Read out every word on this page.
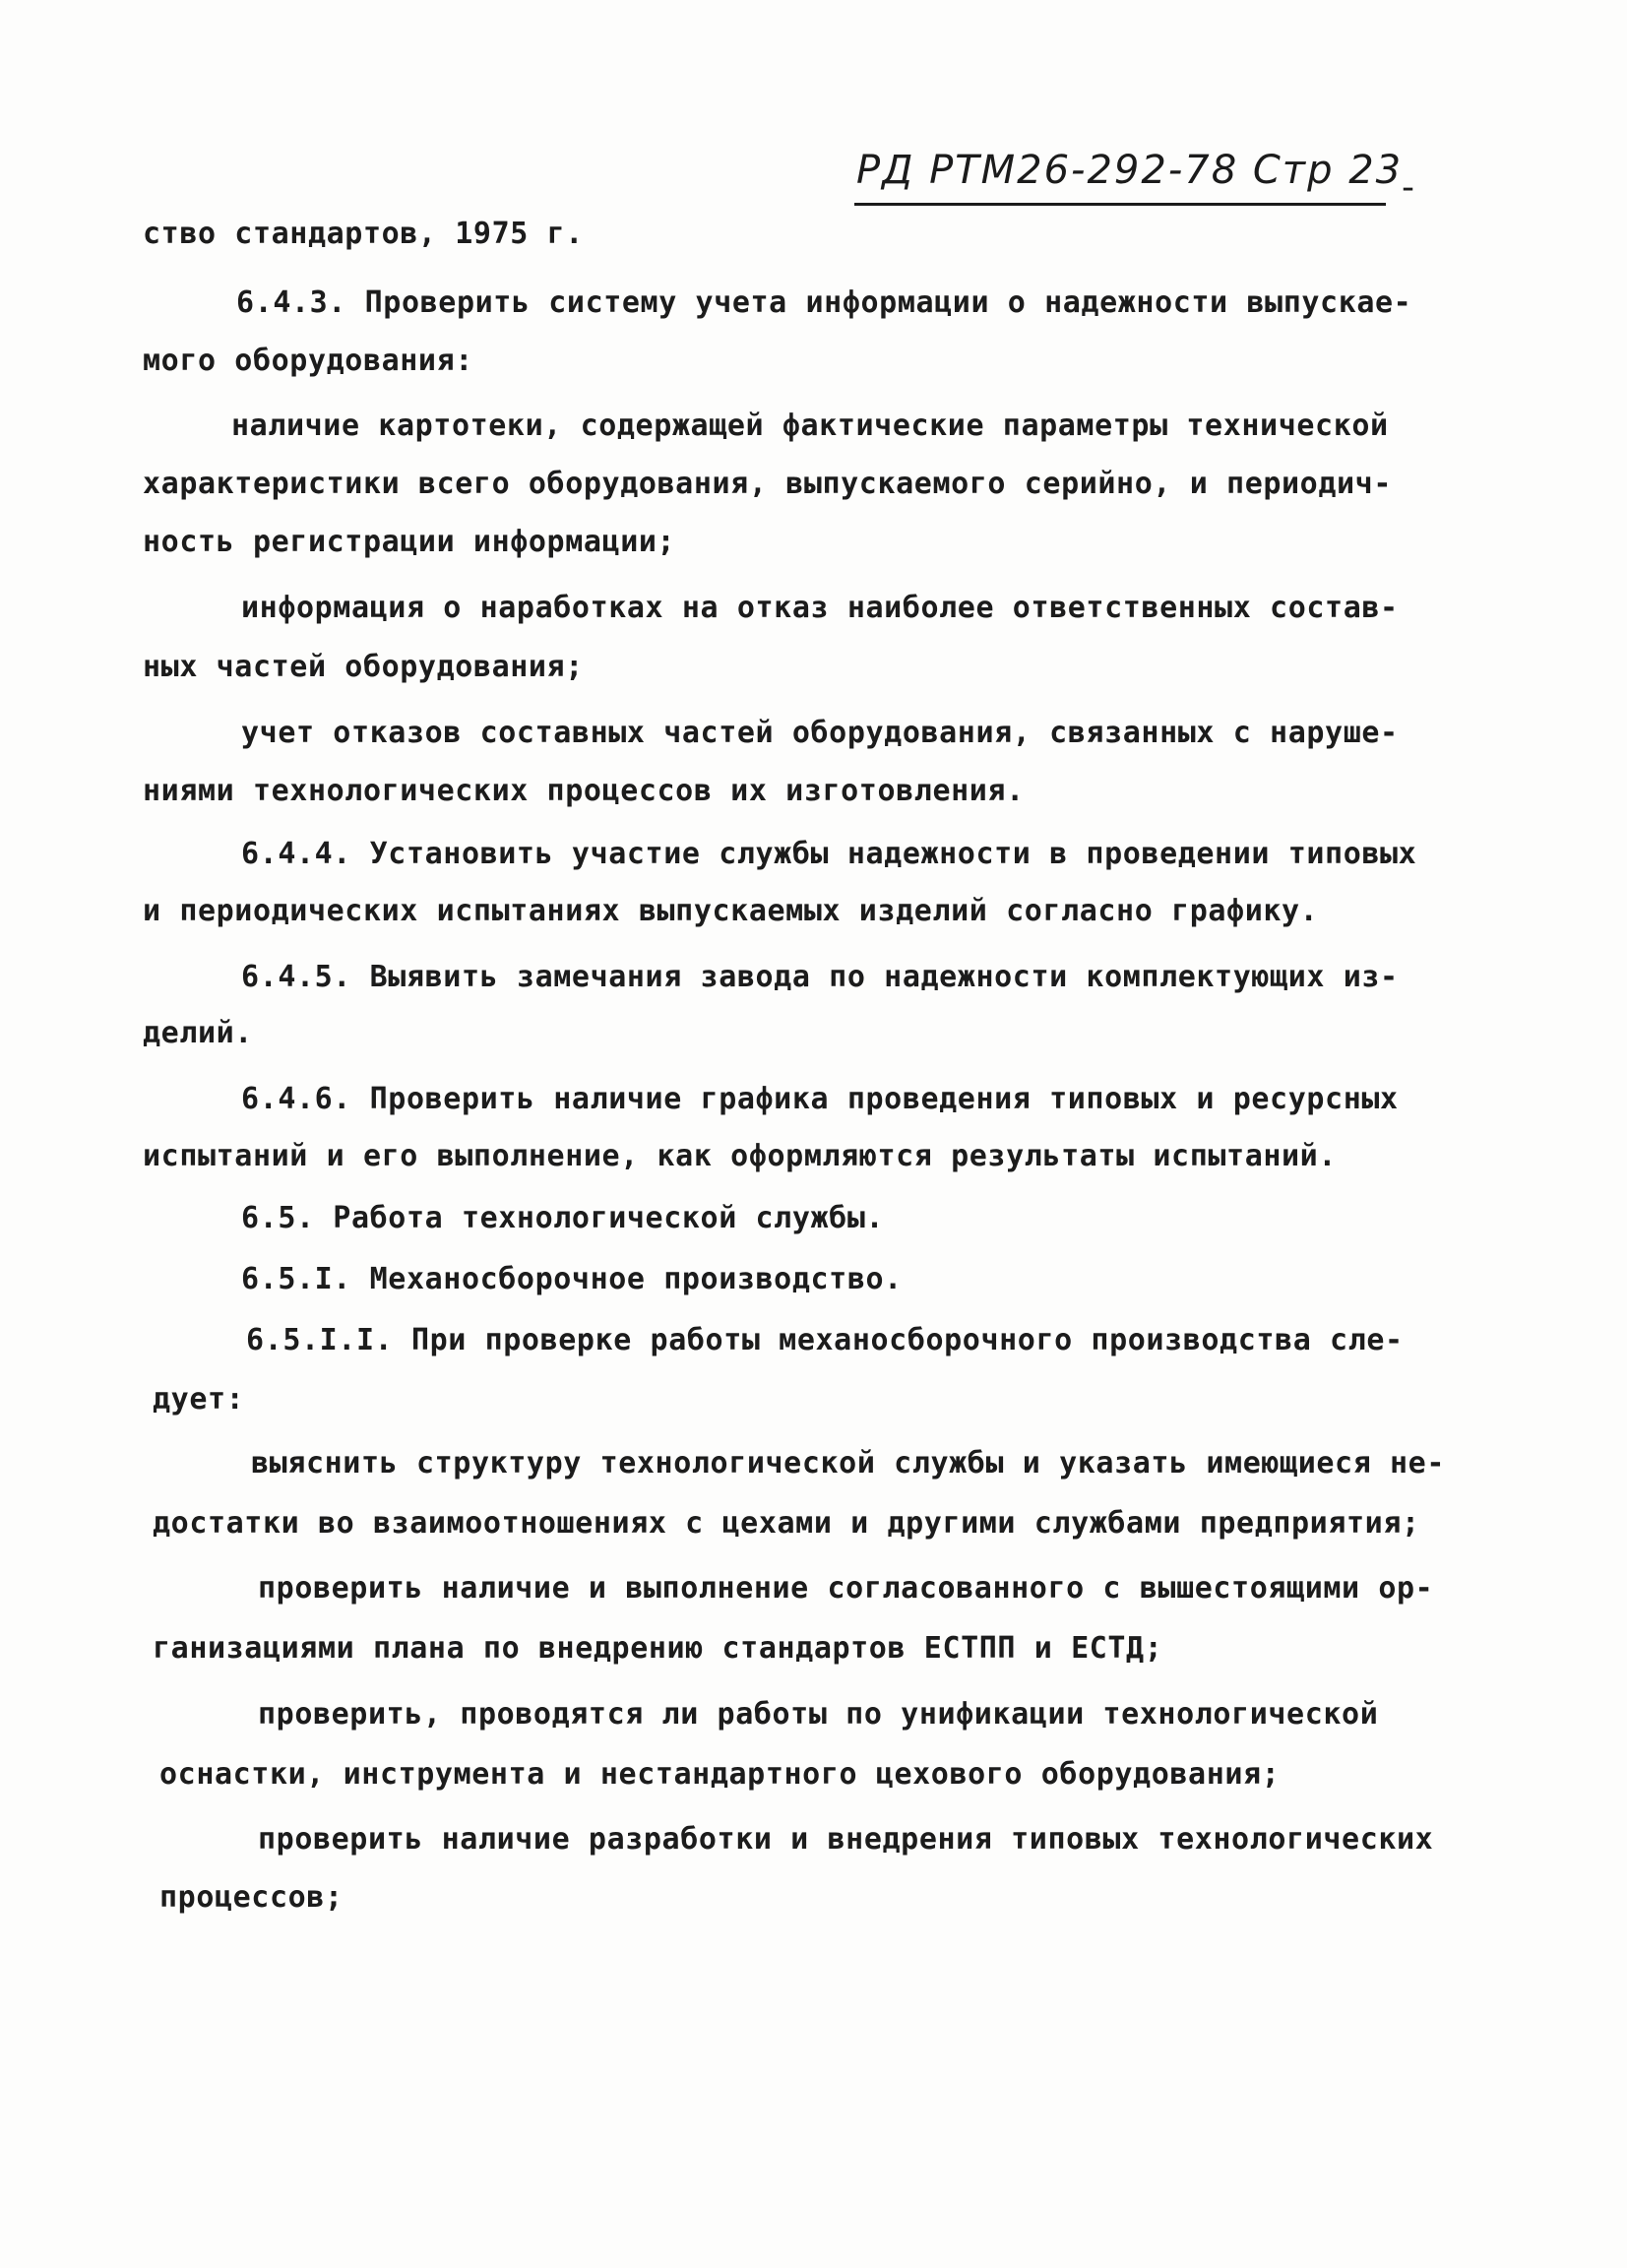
РД РТМ26-292-78 Стр 23
-
ство стандартов, 1975 г.
6.4.3. Проверить систему учета информации о надежности выпускае-
мого оборудования:
наличие картотеки, содержащей фактические параметры технической
характеристики всего оборудования, выпускаемого серийно, и периодич-
ность регистрации информации;
информация о наработках на отказ наиболее ответственных состав-
ных частей оборудования;
учет отказов составных частей оборудования, связанных с наруше-
ниями технологических процессов их изготовления.
6.4.4. Установить участие службы надежности в проведении типовых
и периодических испытаниях выпускаемых изделий согласно графику.
6.4.5. Выявить замечания завода по надежности комплектующих из-
делий.
6.4.6. Проверить наличие графика проведения типовых и ресурсных
испытаний и его выполнение, как оформляются результаты испытаний.
6.5. Работа технологической службы.
6.5.I. Механосборочное производство.
6.5.I.I. При проверке работы механосборочного производства сле-
дует:
выяснить структуру технологической службы и указать имеющиеся не-
достатки во взаимоотношениях с цехами и другими службами предприятия;
проверить наличие и выполнение согласованного с вышестоящими ор-
ганизациями плана по внедрению стандартов ЕСТПП и ЕСТД;
проверить, проводятся ли работы по унификации технологической
оснастки, инструмента и нестандартного цехового оборудования;
проверить наличие разработки и внедрения типовых технологических
процессов;
